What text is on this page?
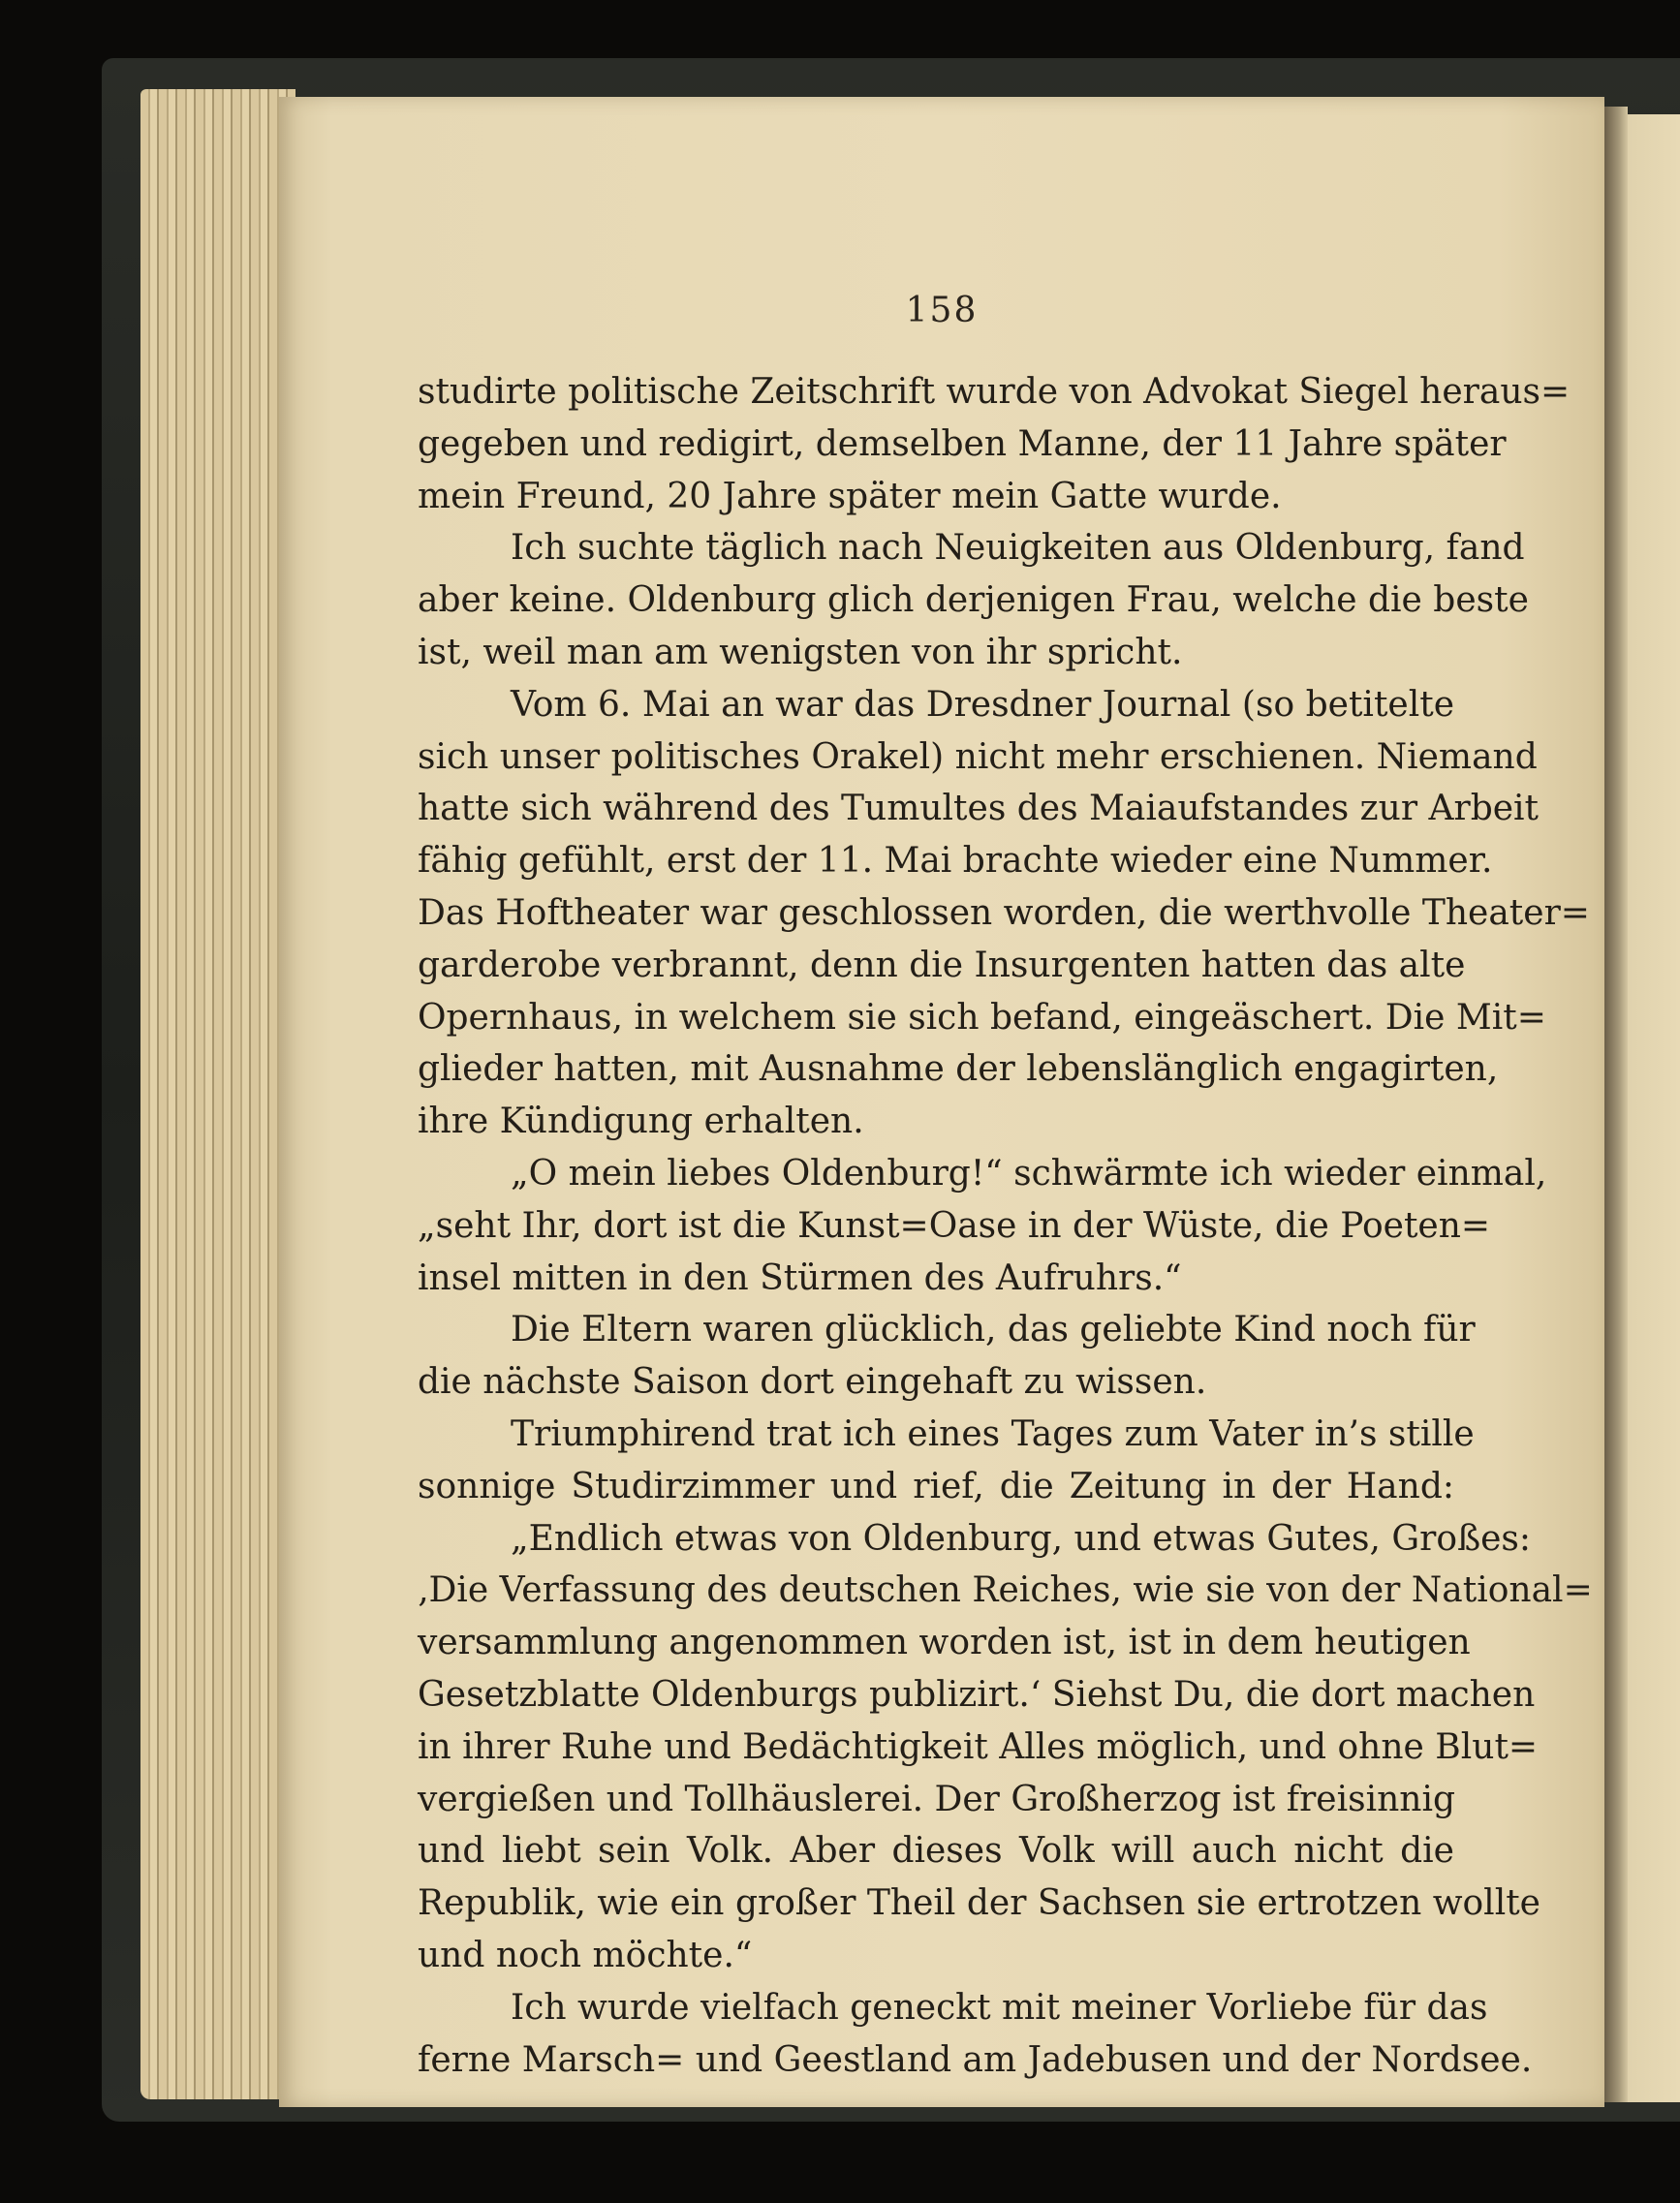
158
studirte politische Zeitschrift wurde von Advokat Siegel heraus=
gegeben und redigirt, demselben Manne, der 11 Jahre später
mein Freund, 20 Jahre später mein Gatte wurde.
Ich suchte täglich nach Neuigkeiten aus Oldenburg, fand
aber keine. Oldenburg glich derjenigen Frau, welche die beste
ist, weil man am wenigsten von ihr spricht.
Vom 6. Mai an war das Dresdner Journal (so betitelte
sich unser politisches Orakel) nicht mehr erschienen. Niemand
hatte sich während des Tumultes des Maiaufstandes zur Arbeit
fähig gefühlt, erst der 11. Mai brachte wieder eine Nummer.
Das Hoftheater war geschlossen worden, die werthvolle Theater=
garderobe verbrannt, denn die Insurgenten hatten das alte
Opernhaus, in welchem sie sich befand, eingeäschert. Die Mit=
glieder hatten, mit Ausnahme der lebenslänglich engagirten,
ihre Kündigung erhalten.
„O mein liebes Oldenburg!“ schwärmte ich wieder einmal,
„seht Ihr, dort ist die Kunst=Oase in der Wüste, die Poeten=
insel mitten in den Stürmen des Aufruhrs.“
Die Eltern waren glücklich, das geliebte Kind noch für
die nächste Saison dort eingehaft zu wissen.
Triumphirend trat ich eines Tages zum Vater in’s stille
sonnige Studirzimmer und rief, die Zeitung in der Hand:
„Endlich etwas von Oldenburg, und etwas Gutes, Großes:
‚Die Verfassung des deutschen Reiches, wie sie von der National=
versammlung angenommen worden ist, ist in dem heutigen
Gesetzblatte Oldenburgs publizirt.‘ Siehst Du, die dort machen
in ihrer Ruhe und Bedächtigkeit Alles möglich, und ohne Blut=
vergießen und Tollhäuslerei. Der Großherzog ist freisinnig
und liebt sein Volk. Aber dieses Volk will auch nicht die
Republik, wie ein großer Theil der Sachsen sie ertrotzen wollte
und noch möchte.“
Ich wurde vielfach geneckt mit meiner Vorliebe für das
ferne Marsch= und Geestland am Jadebusen und der Nordsee.
